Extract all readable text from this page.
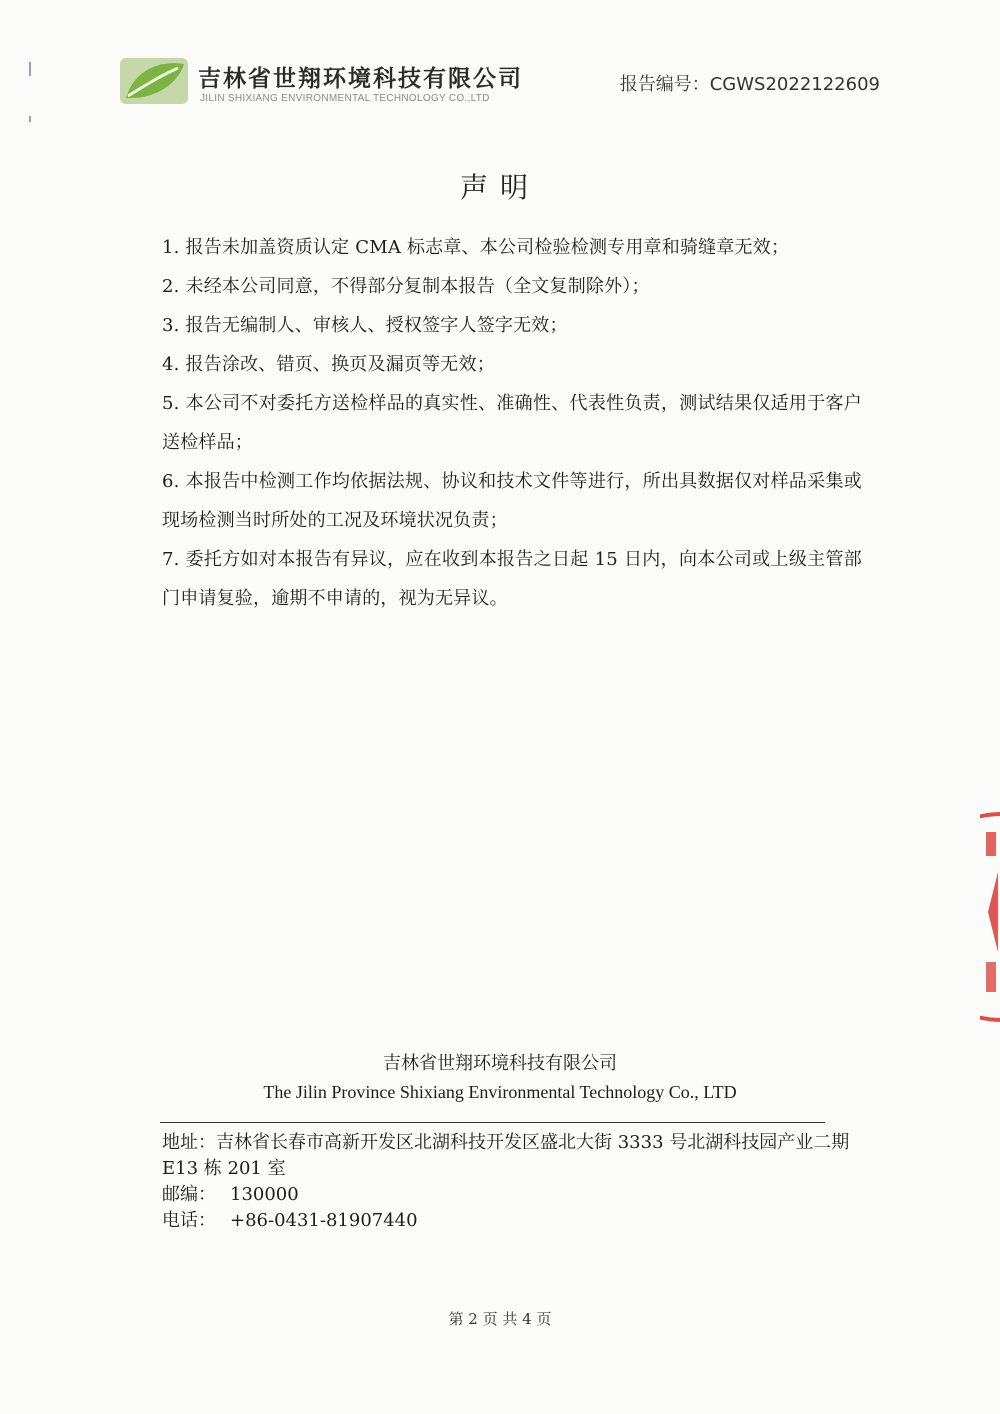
吉林省世翔环境科技有限公司
JILIN SHIXIANG ENVIRONMENTAL TECHNOLOGY CO.,LTD
报告编号：CGWS2022122609
声明

1. 报告未加盖资质认定 CMA 标志章、本公司检验检测专用章和骑缝章无效；

2. 未经本公司同意，不得部分复制本报告（全文复制除外）；

3. 报告无编制人、审核人、授权签字人签字无效；

4. 报告涂改、错页、换页及漏页等无效；

5. 本公司不对委托方送检样品的真实性、准确性、代表性负责，测试结果仅适用于客户送检样品；

6. 本报告中检测工作均依据法规、协议和技术文件等进行，所出具数据仅对样品采集或现场检测当时所处的工况及环境状况负责；

7. 委托方如对本报告有异议，应在收到本报告之日起 15 日内，向本公司或上级主管部门申请复验，逾期不申请的，视为无异议。

吉林省世翔环境科技有限公司
The Jilin Province Shixiang Environmental Technology Co., LTD

地址：吉林省长春市高新开发区北湖科技开发区盛北大街 3333 号北湖科技园产业二期 E13 栋 201 室

邮编： 130000

电话： +86-0431-81907440

第 2 页 共 4 页
